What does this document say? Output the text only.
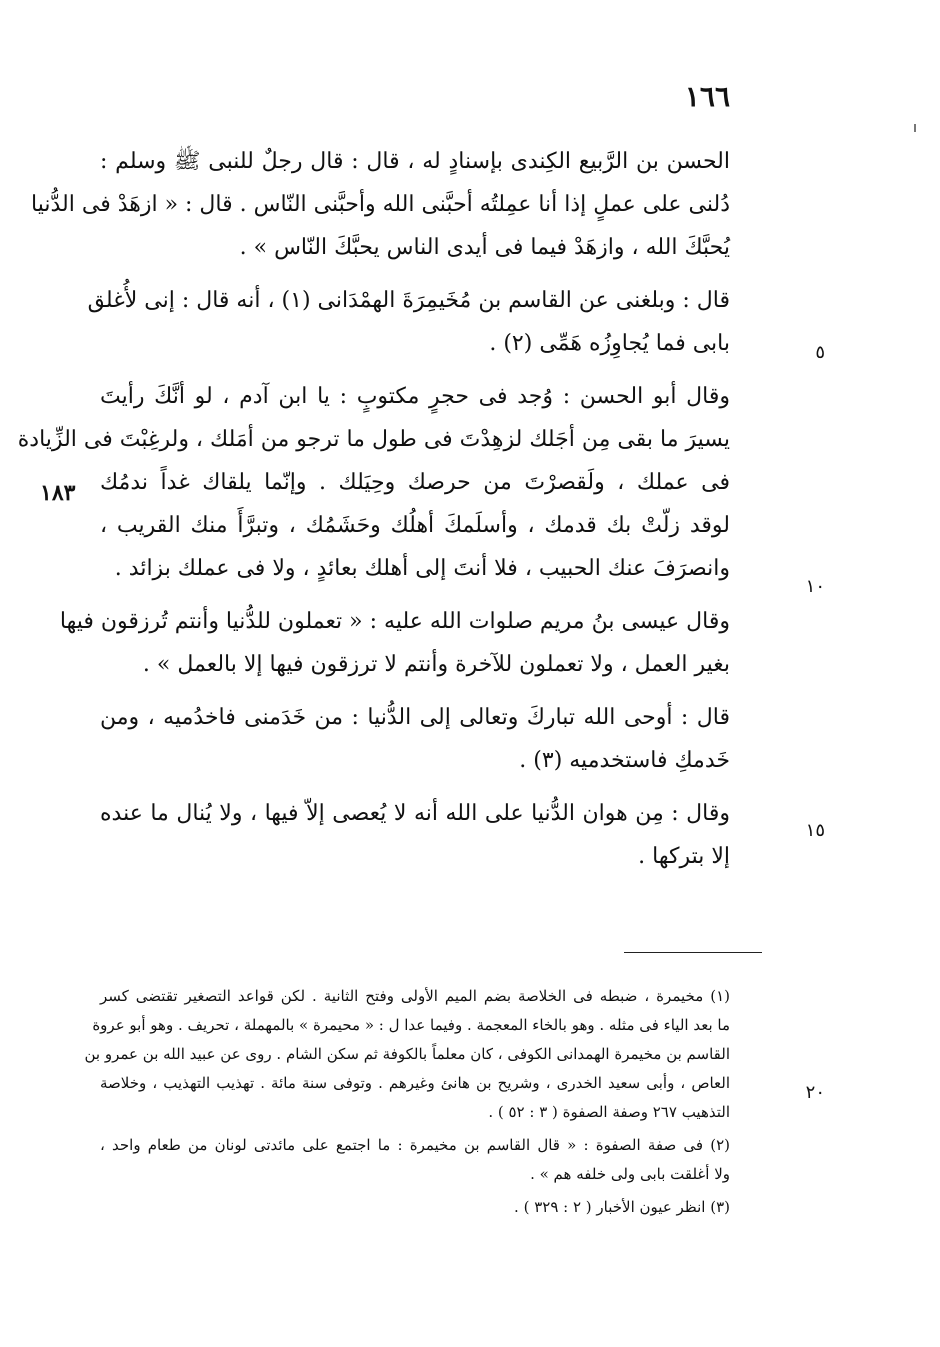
١٦٦
١٨٣
٥
١٠
١٥
٢٠
الحسن بن الرَّبيع الكِندى بإسنادٍ له ، قال : قال رجلٌ للنبى ﷺ وسلم :
دُلنى على عملٍ إذا أنا عمِلتُه أحبَّنى الله وأحبَّنى النّاس . قال : « ازهَدْ فى الدُّنيا
يُحبَّكَ الله ، وازهَدْ فيما فى أيدى الناس يحبَّكَ النّاس » .
قال : وبلغنى عن القاسم بن مُخَيمِرَةَ الهمْدَانى (١) ، أنه قال : إنى لأُغلق
بابى فما يُجاوِزُه هَمِّى (٢) .
وقال أبو الحسن : وُجد فى حجرٍ مكتوبٍ : يا ابن آدم ، لو أنَّكَ رأيتَ
يسيرَ ما بقى مِن أجَلك لزهِدْتَ فى طول ما ترجو من أمَلك ، ولرغِبْتَ فى الزِّيادة
فى عملك ، ولَقصرْتَ من حرصك وحِيَلك . وإنّما يلقاك غداً ندمُك
لوقد زلّتْ بك قدمك ، وأسلَمكَ أهلُك وحَشَمُك ، وتبرَّأَ منك القريب ،
وانصرَفَ عنك الحبيب ، فلا أنتَ إلى أهلك بعائدٍ ، ولا فى عملك بزائد .
وقال عيسى بنُ مريم صلوات الله عليه : « تعملون للدُّنيا وأنتم تُرزقون فيها
بغير العمل ، ولا تعملون للآخرة وأنتم لا ترزقون فيها إلا بالعمل » .
قال : أوحى الله تباركَ وتعالى إلى الدُّنيا : من خَدَمنى فاخدُميه ، ومن
خَدمكِ فاستخدميه (٣) .
وقال : مِن هوان الدُّنيا على الله أنه لا يُعصى إلاّ فيها ، ولا يُنال ما عنده
إلا بتركها .
(١) مخيمرة ، ضبطه فى الخلاصة بضم الميم الأولى وفتح الثانية . لكن قواعد التصغير تقتضى كسر
ما بعد الياء فى مثله . وهو بالخاء المعجمة . وفيما عدا ل : « محيمرة » بالمهملة ، تحريف . وهو أبو عروة
القاسم بن مخيمرة الهمدانى الكوفى ، كان معلماً بالكوفة ثم سكن الشام . روى عن عبيد الله بن عمرو بن
العاص ، وأبى سعيد الخدرى ، وشريح بن هانئ وغيرهم . وتوفى سنة مائة . تهذيب التهذيب ، وخلاصة
التذهيب ٢٦٧ وصفة الصفوة ( ٣ : ٥٢ ) .
(٢) فى صفة الصفوة : « قال القاسم بن مخيمرة : ما اجتمع على مائدتى لونان من طعام واحد ،
ولا أغلقت بابى ولى خلفه هم » .
(٣) انظر عيون الأخبار ( ٢ : ٣٢٩ ) .
